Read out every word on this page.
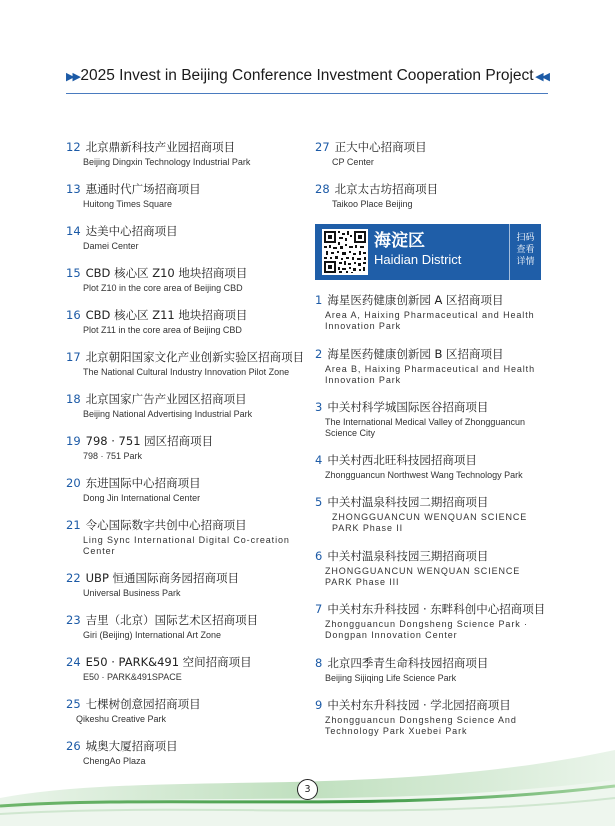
▶▶ 2025 Invest in Beijing Conference Investment Cooperation Project ◀◀
12 北京鼎新科技产业园招商项目
Beijing Dingxin Technology Industrial Park
13 惠通时代广场招商项目
Huitong Times Square
14 达美中心招商项目
Damei Center
15 CBD 核心区 Z10 地块招商项目
Plot Z10 in the core area of Beijing CBD
16 CBD 核心区 Z11 地块招商项目
Plot Z11 in the core area of Beijing CBD
17 北京朝阳国家文化产业创新实验区招商项目
The National Cultural Industry Innovation Pilot Zone
18 北京国家广告产业园区招商项目
Beijing National Advertising Industrial Park
19 798 · 751 园区招商项目
798 · 751 Park
20 东进国际中心招商项目
Dong Jin International Center
21 令心国际数字共创中心招商项目
Ling Sync International Digital Co-creation Center
22 UBP 恒通国际商务园招商项目
Universal Business Park
23 吉里（北京）国际艺术区招商项目
Giri (Beijing) International Art Zone
24 E50 · PARK&491 空间招商项目
E50 · PARK&491SPACE
25 七棵树创意园招商项目
Qikeshu Creative Park
26 城奥大厦招商项目
ChengAo Plaza
27 正大中心招商项目
CP Center
28 北京太古坊招商项目
Taikoo Place Beijing
海淀区
Haidian District
扫码
查看
详情
1 海星医药健康创新园 A 区招商项目
Area A, Haixing Pharmaceutical and Health Innovation Park
2 海星医药健康创新园 B 区招商项目
Area B, Haixing Pharmaceutical and Health Innovation Park
3 中关村科学城国际医谷招商项目
The International Medical Valley of Zhongguancun Science City
4 中关村西北旺科技园招商项目
Zhongguancun Northwest Wang Technology Park
5 中关村温泉科技园二期招商项目
ZHONGGUANCUN WENQUAN SCIENCE PARK Phase II
6 中关村温泉科技园三期招商项目
ZHONGGUANCUN WENQUAN SCIENCE PARK Phase III
7 中关村东升科技园 · 东畔科创中心招商项目
Zhongguancun Dongsheng Science Park · Dongpan Innovation Center
8 北京四季青生命科技园招商项目
Beijing Sijiqing Life Science Park
9 中关村东升科技园 · 学北园招商项目
Zhongguancun Dongsheng Science And Technology Park Xuebei Park
3
